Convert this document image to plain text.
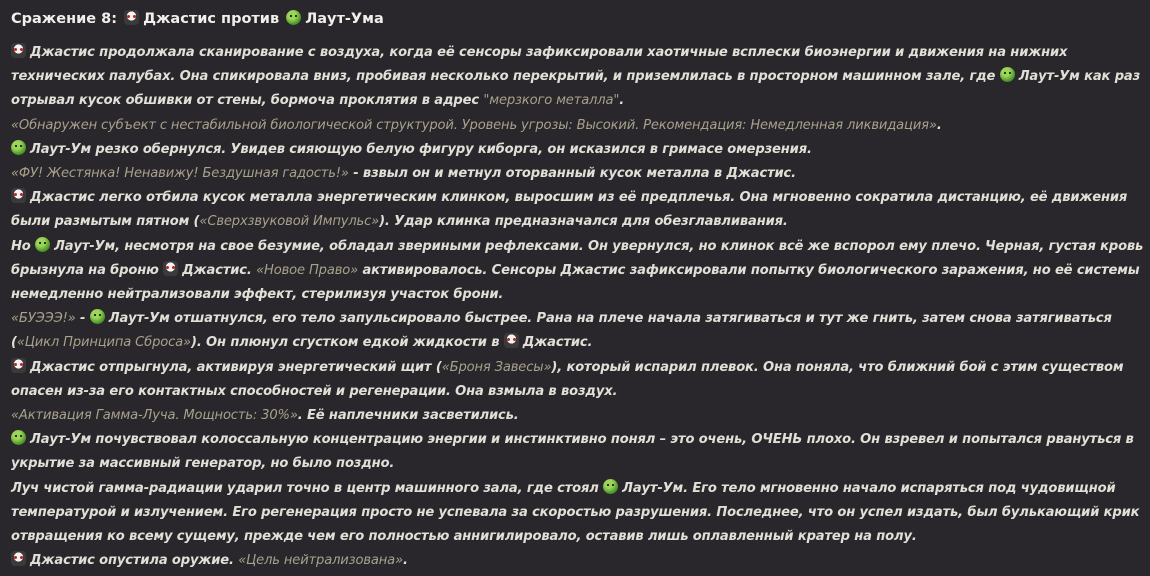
Сражение 8: Джастис против Лаут-Ума

Джастис продолжала сканирование с воздуха, когда её сенсоры зафиксировали хаотичные всплески биоэнергии и движения на нижних технических палубах. Она спикировала вниз, пробивая несколько перекрытий, и приземлилась в просторном машинном зале, где Лаут-Ум как раз отрывал кусок обшивки от стены, бормоча проклятия в адрес "мерзкого металла".

«Обнаружен субъект с нестабильной биологической структурой. Уровень угрозы: Высокий. Рекомендация: Немедленная ликвидация».

Лаут-Ум резко обернулся. Увидев сияющую белую фигуру киборга, он исказился в гримасе омерзения.

«ФУ! Жестянка! Ненавижу! Бездушная гадость!» - взвыл он и метнул оторванный кусок металла в Джастис.

Джастис легко отбила кусок металла энергетическим клинком, выросшим из её предплечья. Она мгновенно сократила дистанцию, её движения были размытым пятном («Сверхзвуковой Импульс»). Удар клинка предназначался для обезглавливания.

Но Лаут-Ум, несмотря на свое безумие, обладал звериными рефлексами. Он увернулся, но клинок всё же вспорол ему плечо. Черная, густая кровь брызнула на броню Джастис. «Новое Право» активировалось. Сенсоры Джастис зафиксировали попытку биологического заражения, но её системы немедленно нейтрализовали эффект, стерилизуя участок брони.

«БУЭЭЭ!» - Лаут-Ум отшатнулся, его тело запульсировало быстрее. Рана на плече начала затягиваться и тут же гнить, затем снова затягиваться («Цикл Принципа Сброса»). Он плюнул сгустком едкой жидкости в Джастис.

Джастис отпрыгнула, активируя энергетический щит («Броня Завесы»), который испарил плевок. Она поняла, что ближний бой с этим существом опасен из-за его контактных способностей и регенерации. Она взмыла в воздух.

«Активация Гамма-Луча. Мощность: 30%». Её наплечники засветились.

Лаут-Ум почувствовал колоссальную концентрацию энергии и инстинктивно понял – это очень, ОЧЕНЬ плохо. Он взревел и попытался рвануться в укрытие за массивный генератор, но было поздно.

Луч чистой гамма-радиации ударил точно в центр машинного зала, где стоял Лаут-Ум. Его тело мгновенно начало испаряться под чудовищной температурой и излучением. Его регенерация просто не успевала за скоростью разрушения. Последнее, что он успел издать, был булькающий крик отвращения ко всему сущему, прежде чем его полностью аннигилировало, оставив лишь оплавленный кратер на полу.

Джастис опустила оружие. «Цель нейтрализована».
